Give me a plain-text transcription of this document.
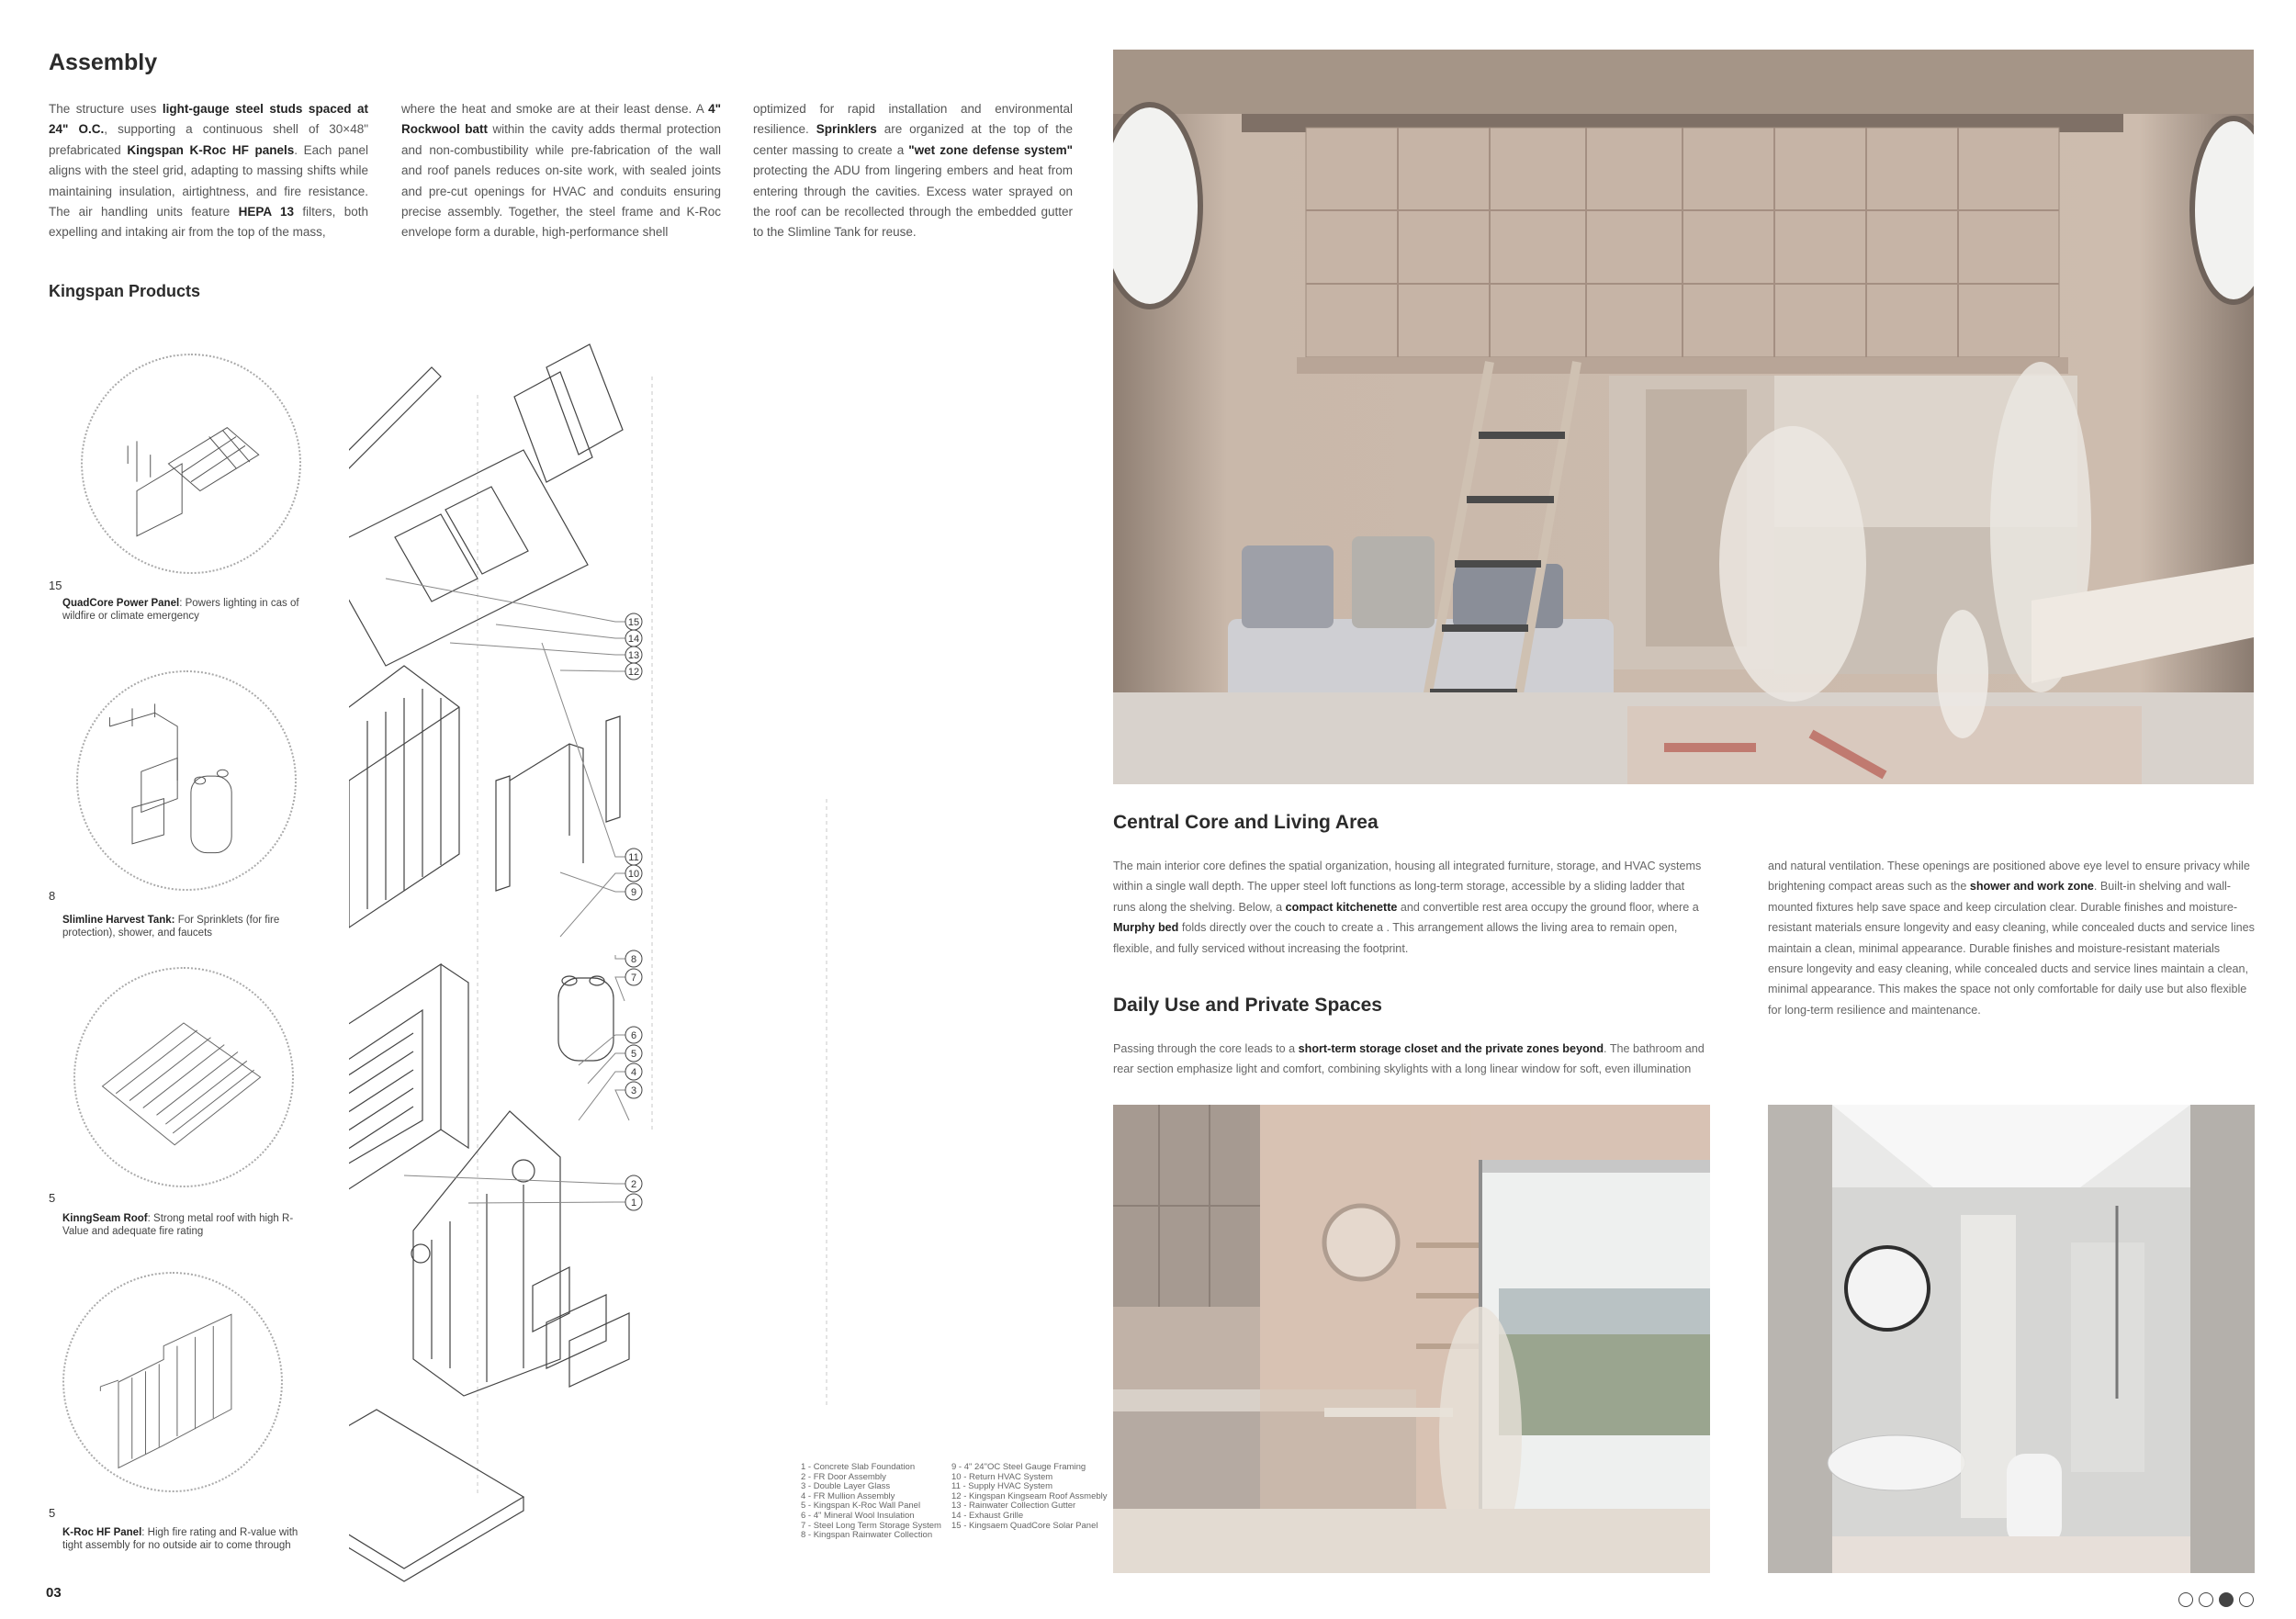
Assembly

The structure uses light-gauge steel studs spaced at 24" O.C., supporting a continuous shell of 30×48" prefabricated Kingspan K-Roc HF panels. Each panel aligns with the steel grid, adapting to massing shifts while maintaining insulation, airtightness, and fire resistance. The air handling units feature HEPA 13 filters, both expelling and intaking air from the top of the mass,

where the heat and smoke are at their least dense. A 4" Rockwool batt within the cavity adds thermal protection and non-combustibility while pre-fabrication of the wall and roof panels reduces on-site work, with sealed joints and pre-cut openings for HVAC and conduits ensuring precise assembly. Together, the steel frame and K-Roc envelope form a durable, high-performance shell

optimized for rapid installation and environmental resilience. Sprinklers are organized at the top of the center massing to create a "wet zone defense system" protecting the ADU from lingering embers and heat from entering through the cavities. Excess water sprayed on the roof can be recollected through the embedded gutter to the Slimline Tank for reuse.

Kingspan Products
15
QuadCore Power Panel: Powers lighting in cas of wildfire or climate emergency
8
Slimline Harvest Tank: For Sprinklets (for fire protection), shower, and faucets
5
KinngSeam Roof: Strong metal roof with high R-Value and adequate fire rating
5
K-Roc HF Panel: High fire rating and R-value with tight assembly for no outside air to come through
15
14
13
12
11
10
9
8
7
6
5
4
3
2
1
1 - Concrete Slab Foundation
2 - FR Door Assembly
3 - Double Layer Glass
4 - FR Mullion Assembly
5 - Kingspan K-Roc Wall Panel
6 - 4" Mineral Wool Insulation
7 - Steel Long Term Storage System
8 - Kingspan Rainwater Collection
9 - 4" 24"OC Steel Gauge Framing
10 - Return HVAC System
11 - Supply HVAC System
12 - Kingspan Kingseam Roof Assmebly
13 - Rainwater Collection Gutter
14 - Exhaust Grille
15 - Kingsaem QuadCore Solar Panel
03
Central Core and Living Area

The main interior core defines the spatial organization, housing all integrated furniture, storage, and HVAC systems within a single wall depth. The upper steel loft functions as long-term storage, accessible by a sliding ladder that runs along the shelving. Below, a compact kitchenette and convertible rest area occupy the ground floor, where a Murphy bed folds directly over the couch to create a . This arrangement allows the living area to remain open, flexible, and fully serviced without increasing the footprint.

Daily Use and Private Spaces

Passing through the core leads to a short-term storage closet and the private zones beyond. The bathroom and rear section emphasize light and comfort, combining skylights with a long linear window for soft, even illumination

and natural ventilation. These openings are positioned above eye level to ensure privacy while brightening compact areas such as the shower and work zone. Built-in shelving and wall-mounted fixtures help save space and keep circulation clear. Durable finishes and moisture-resistant materials ensure longevity and easy cleaning, while concealed ducts and service lines maintain a clean, minimal appearance. Durable finishes and moisture-resistant materials ensure longevity and easy cleaning, while concealed ducts and service lines maintain a clean, minimal appearance. This makes the space not only comfortable for daily use but also flexible for long-term resilience and maintenance.
